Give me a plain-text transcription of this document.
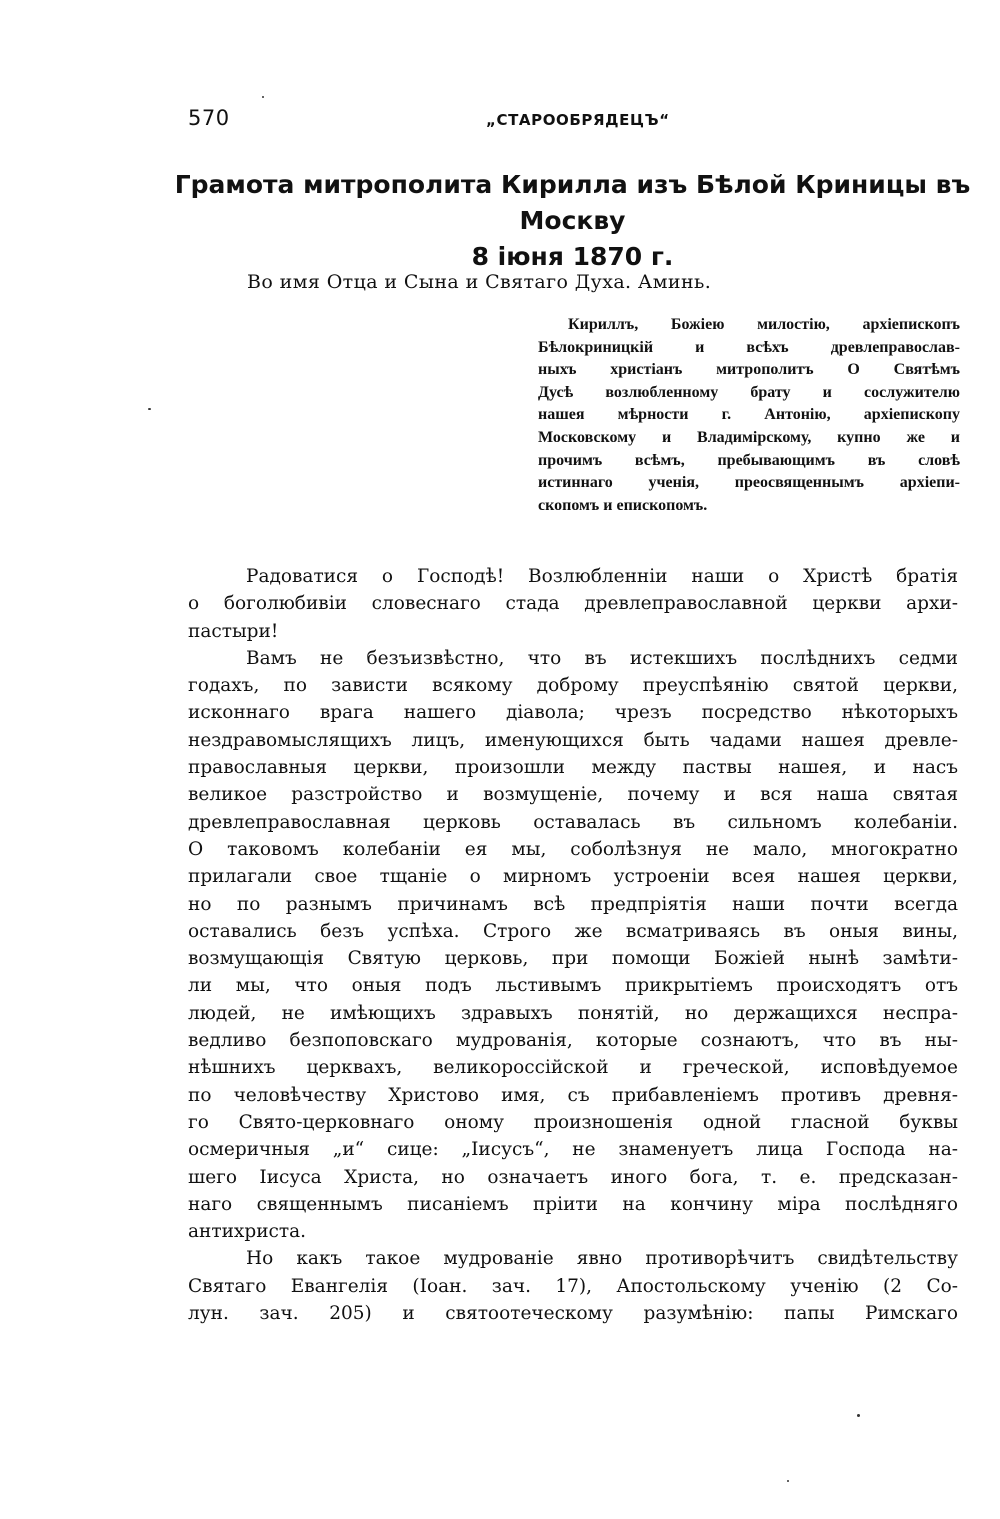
570	„СТАРООБРЯДЕЦЪ“
Грамота митрополита Кирилла изъ Бѣлой Криницы въ Москву
8 іюня 1870 г.
Во имя Отца и Сына и Святаго Духа. Аминь.
Кириллъ, Божіею милостію, архіепископъ
Бѣлокриницкій и всѣхъ древлеправослав-
ныхъ христіанъ митрополитъ О Святѣмъ
Дусѣ возлюбленному брату и сослужителю
нашея мѣрности г. Антонію, архіепископу
Московскому и Владимірскому, купно же и
прочимъ всѣмъ, пребывающимъ въ словѣ
истиннаго ученія, преосвященнымъ архіепи-
скопомъ и епископомъ.
Радоватися о Господѣ! Возлюбленніи наши о Христѣ братія
о боголюбивіи словеснаго стада древлеправославной церкви архи-
пастыри!
Вамъ не безъизвѣстно, что въ истекшихъ послѣднихъ седми
годахъ, по зависти всякому доброму преуспѣянію святой церкви,
исконнаго врага нашего діавола; чрезъ посредство нѣкоторыхъ
нездравомыслящихъ лицъ, именующихся быть чадами нашея древле-
православныя церкви, произошли между паствы нашея, и насъ
великое разстройство и возмущеніе, почему и вся наша святая
древлеправославная церковь оставалась въ сильномъ колебаніи.
О таковомъ колебаніи ея мы, соболѣзнуя не мало, многократно
прилагали свое тщаніе о мирномъ устроеніи всея нашея церкви,
но по разнымъ причинамъ всѣ предпріятія наши почти всегда
оставались безъ успѣха. Строго же всматриваясь въ оныя вины,
возмущающія Святую церковь, при помощи Божіей нынѣ замѣти-
ли мы, что оныя подъ льстивымъ прикрытіемъ происходятъ отъ
людей, не имѣющихъ здравыхъ понятій, но держащихся неспра-
ведливо безпоповскаго мудрованія, которые сознаютъ, что въ ны-
нѣшнихъ церквахъ, великороссійской и греческой, исповѣдуемое
по человѣчеству Христово имя, съ прибавленіемъ противъ древня-
го Свято-церковнаго оному произношенія одной гласной буквы
осмеричныя „и“ сице: „Іисусъ“, не знаменуетъ лица Господа на-
шего Іисуса Христа, но означаетъ иного бога, т. е. предсказан-
наго священнымъ писаніемъ пріити на кончину міра послѣдняго
антихриста.
Но какъ такое мудрованіе явно противорѣчитъ свидѣтельству
Святаго Евангелія (Іоан. зач. 17), Апостольскому ученію (2 Со-
лун. зач. 205) и святоотеческому разумѣнію: папы Римскаго
